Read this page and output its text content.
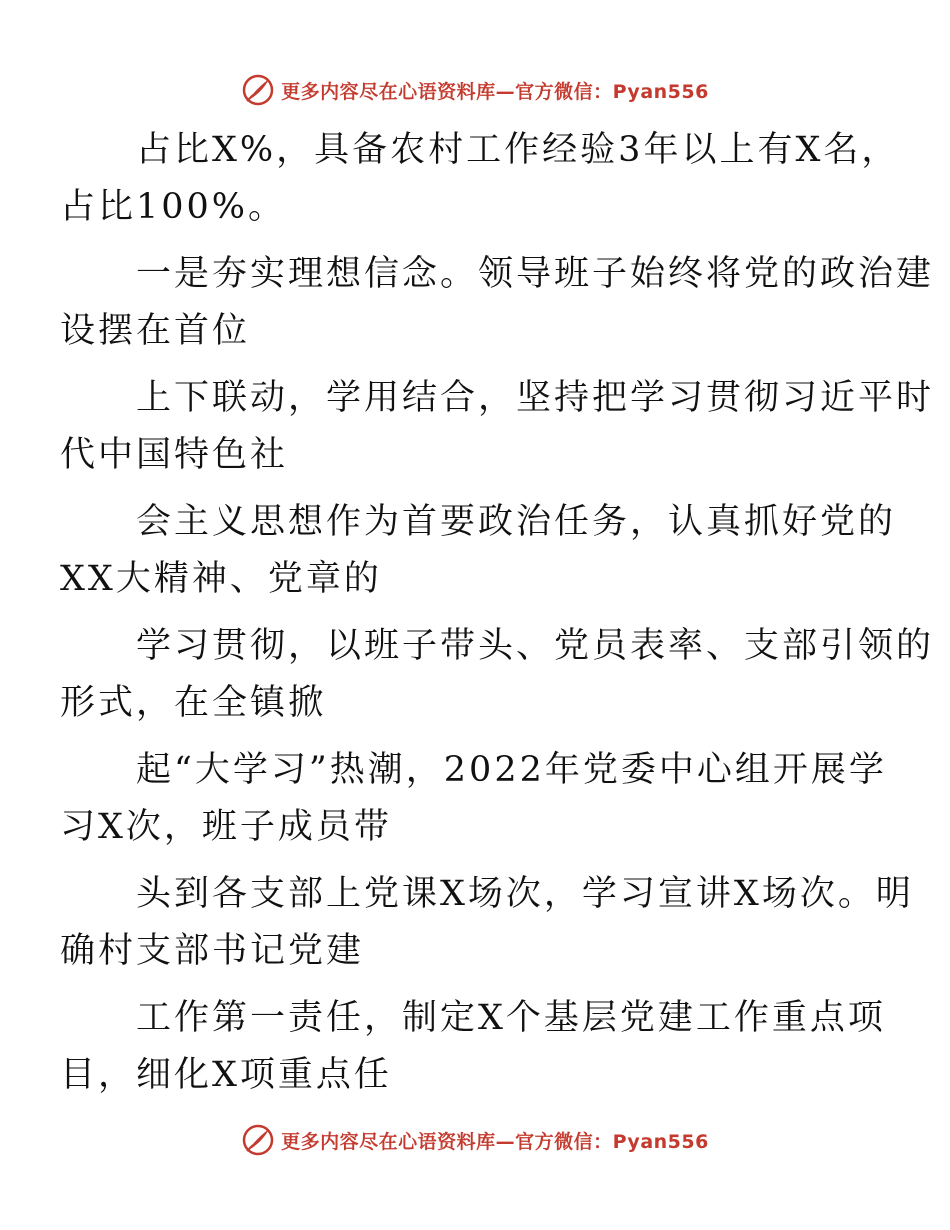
更多内容尽在心语资料库—官方微信：Pyan556

占比X%，具备农村工作经验3年以上有X名，
占比100%。

一是夯实理想信念。领导班子始终将党的政治建
设摆在首位

上下联动，学用结合，坚持把学习贯彻习近平时
代中国特色社

会主义思想作为首要政治任务，认真抓好党的
XX大精神、党章的

学习贯彻，以班子带头、党员表率、支部引领的
形式，在全镇掀

起“大学习”热潮，2022年党委中心组开展学
习X次，班子成员带

头到各支部上党课X场次，学习宣讲X场次。明
确村支部书记党建

工作第一责任，制定X个基层党建工作重点项
目，细化X项重点任

更多内容尽在心语资料库—官方微信：Pyan556
